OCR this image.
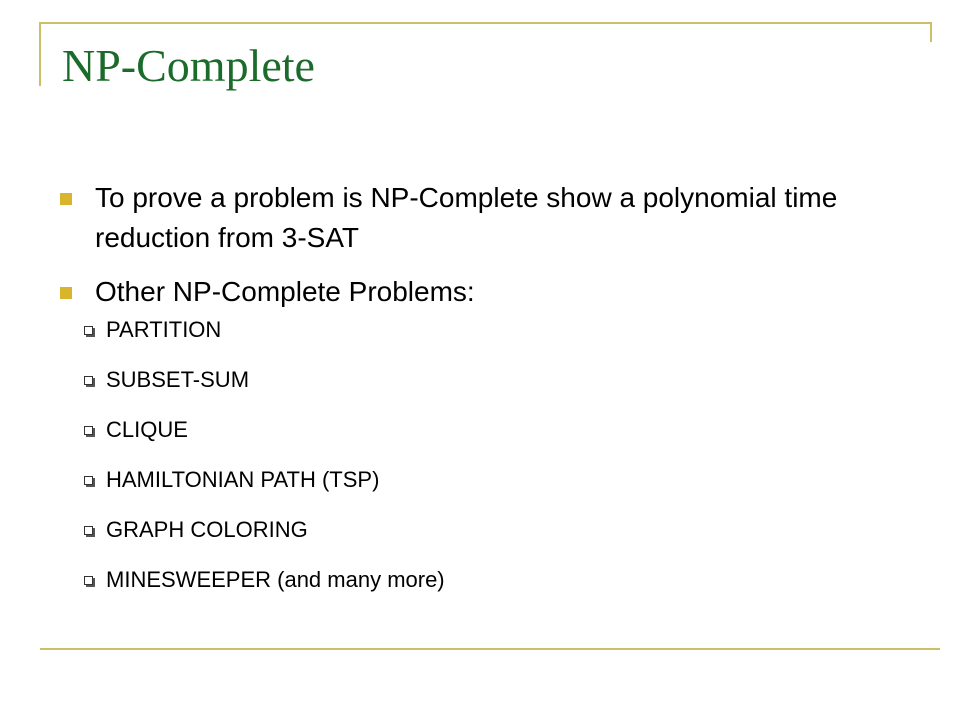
NP-Complete
To prove a problem is NP-Complete show a polynomial time reduction from 3-SAT
Other NP-Complete Problems:
PARTITION
SUBSET-SUM
CLIQUE
HAMILTONIAN PATH (TSP)
GRAPH COLORING
MINESWEEPER (and many more)
